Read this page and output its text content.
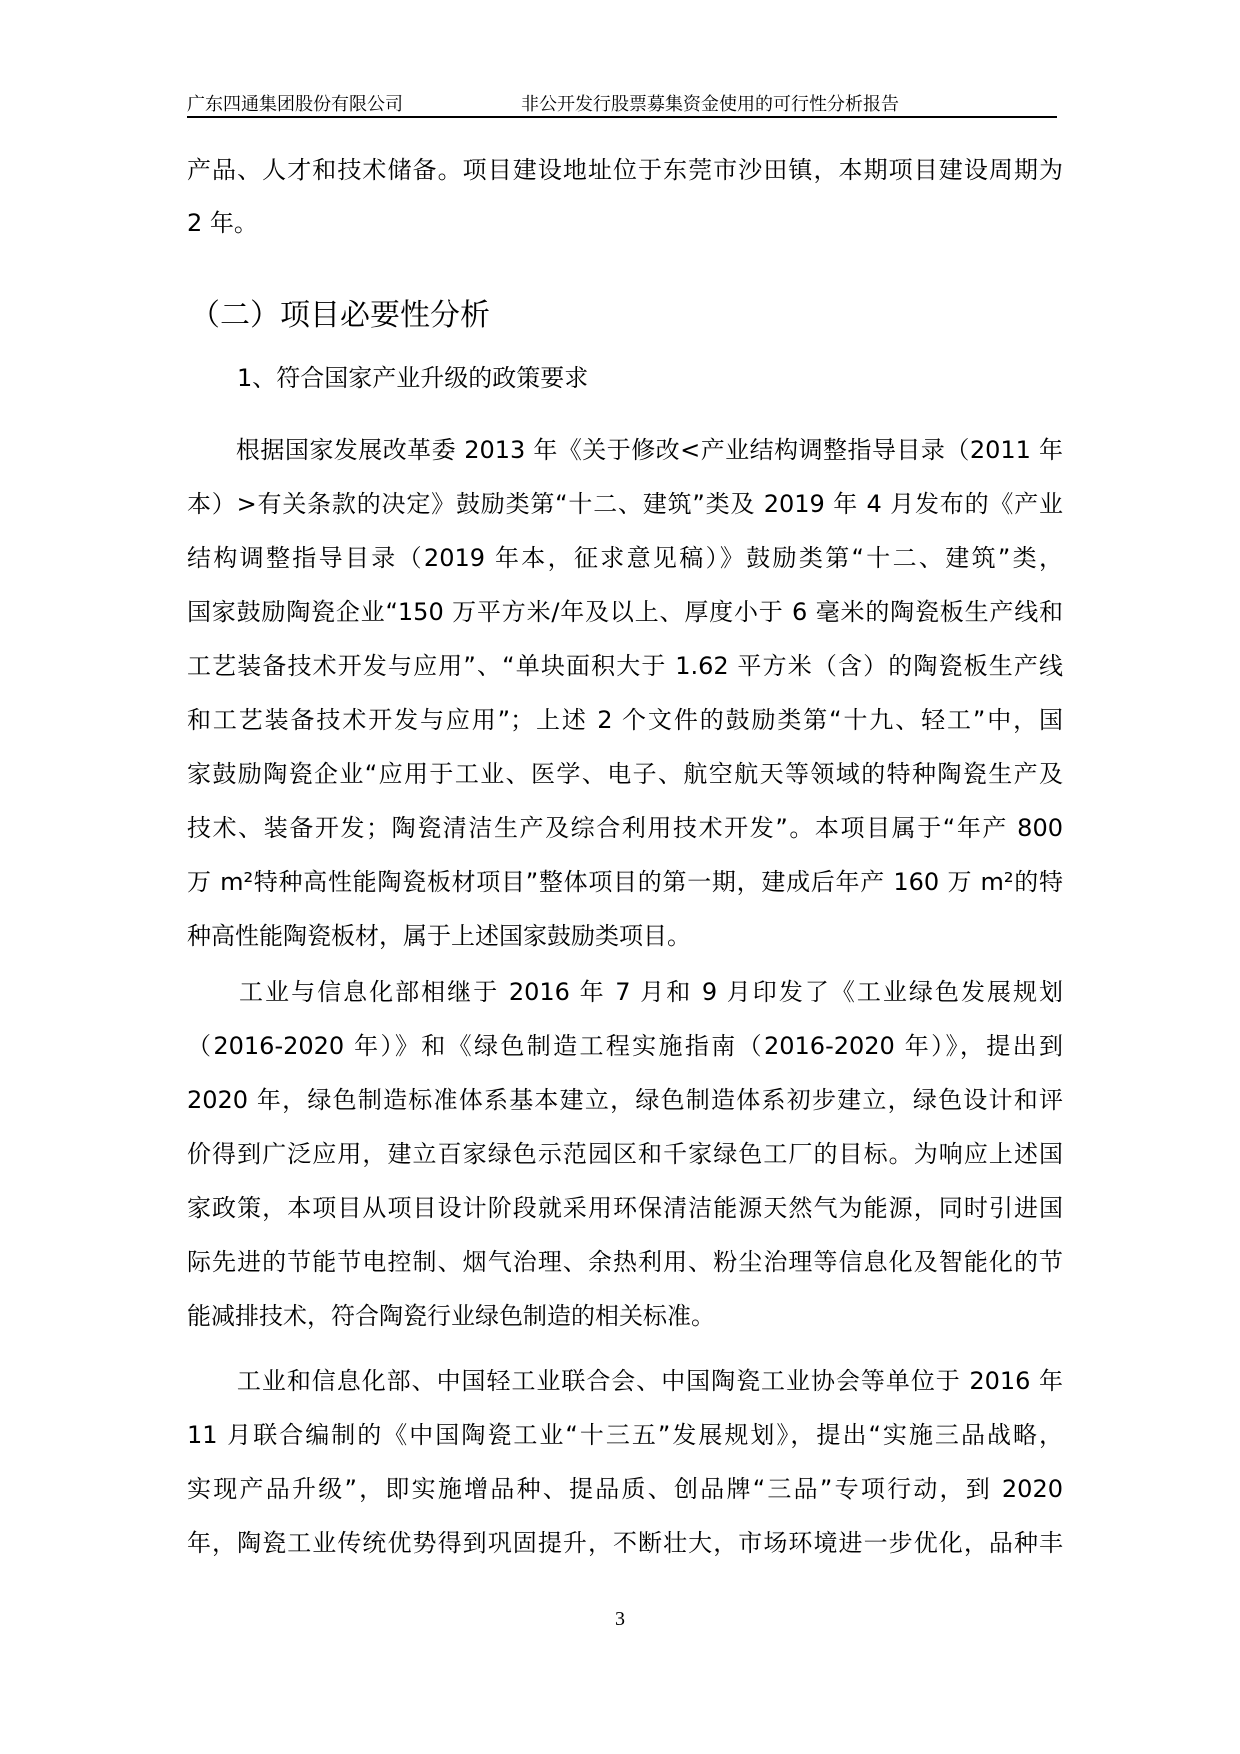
广东四通集团股份有限公司	非公开发行股票募集资金使用的可行性分析报告
产品、人才和技术储备。项目建设地址位于东莞市沙田镇，本期项目建设周期为
2 年。
（二）项目必要性分析
1、符合国家产业升级的政策要求
　　根据国家发展改革委 2013 年《关于修改<产业结构调整指导目录（2011 年
本）>有关条款的决定》鼓励类第“十二、建筑”类及 2019 年 4 月发布的《产业
结构调整指导目录（2019 年本，征求意见稿）》鼓励类第“十二、建筑”类，
国家鼓励陶瓷企业“150 万平方米/年及以上、厚度小于 6 毫米的陶瓷板生产线和
工艺装备技术开发与应用”、“单块面积大于 1.62 平方米（含）的陶瓷板生产线
和工艺装备技术开发与应用”；上述 2 个文件的鼓励类第“十九、轻工”中，国
家鼓励陶瓷企业“应用于工业、医学、电子、航空航天等领域的特种陶瓷生产及
技术、装备开发；陶瓷清洁生产及综合利用技术开发”。本项目属于“年产 800
万 m²特种高性能陶瓷板材项目”整体项目的第一期，建成后年产 160 万 m²的特
种高性能陶瓷板材，属于上述国家鼓励类项目。
　　工业与信息化部相继于 2016 年 7 月和 9 月印发了《工业绿色发展规划
（2016-2020 年）》和《绿色制造工程实施指南（2016-2020 年）》，提出到
2020 年，绿色制造标准体系基本建立，绿色制造体系初步建立，绿色设计和评
价得到广泛应用，建立百家绿色示范园区和千家绿色工厂的目标。为响应上述国
家政策，本项目从项目设计阶段就采用环保清洁能源天然气为能源，同时引进国
际先进的节能节电控制、烟气治理、余热利用、粉尘治理等信息化及智能化的节
能减排技术，符合陶瓷行业绿色制造的相关标准。
　　工业和信息化部、中国轻工业联合会、中国陶瓷工业协会等单位于 2016 年
11 月联合编制的《中国陶瓷工业“十三五”发展规划》，提出“实施三品战略，
实现产品升级”，即实施增品种、提品质、创品牌“三品”专项行动，到 2020
年，陶瓷工业传统优势得到巩固提升，不断壮大，市场环境进一步优化，品种丰
3
